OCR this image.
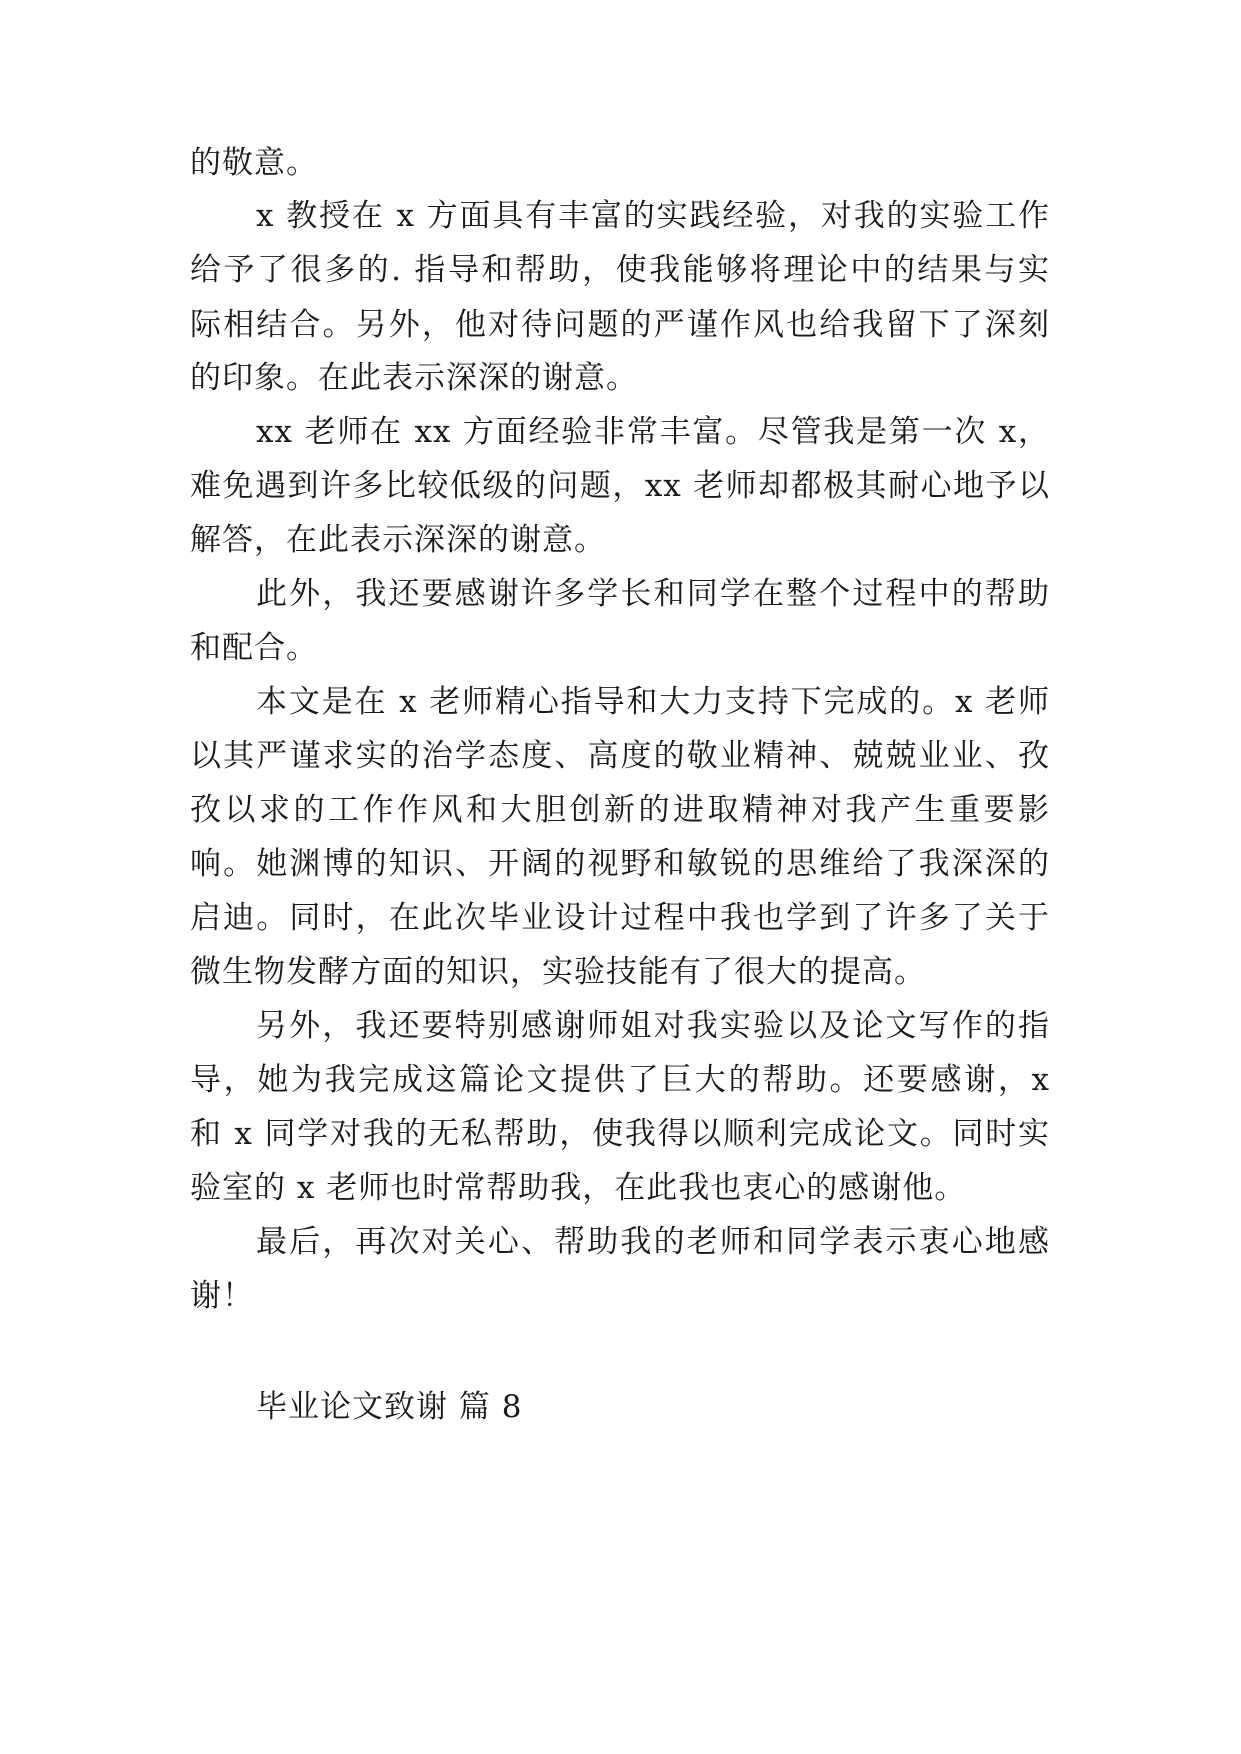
的敬意。
x 教授在 x 方面具有丰富的实践经验，对我的实验工作
给予了很多的. 指导和帮助，使我能够将理论中的结果与实
际相结合。另外，他对待问题的严谨作风也给我留下了深刻
的印象。在此表示深深的谢意。
xx 老师在 xx 方面经验非常丰富。尽管我是第一次 x，
难免遇到许多比较低级的问题，xx 老师却都极其耐心地予以
解答，在此表示深深的谢意。
此外，我还要感谢许多学长和同学在整个过程中的帮助
和配合。
本文是在 x 老师精心指导和大力支持下完成的。x 老师
以其严谨求实的治学态度、高度的敬业精神、兢兢业业、孜
孜以求的工作作风和大胆创新的进取精神对我产生重要影
响。她渊博的知识、开阔的视野和敏锐的思维给了我深深的
启迪。同时，在此次毕业设计过程中我也学到了许多了关于
微生物发酵方面的知识，实验技能有了很大的提高。
另外，我还要特别感谢师姐对我实验以及论文写作的指
导，她为我完成这篇论文提供了巨大的帮助。还要感谢，x
和 x 同学对我的无私帮助，使我得以顺利完成论文。同时实
验室的 x 老师也时常帮助我，在此我也衷心的感谢他。
最后，再次对关心、帮助我的老师和同学表示衷心地感
谢！
毕业论文致谢 篇 8
